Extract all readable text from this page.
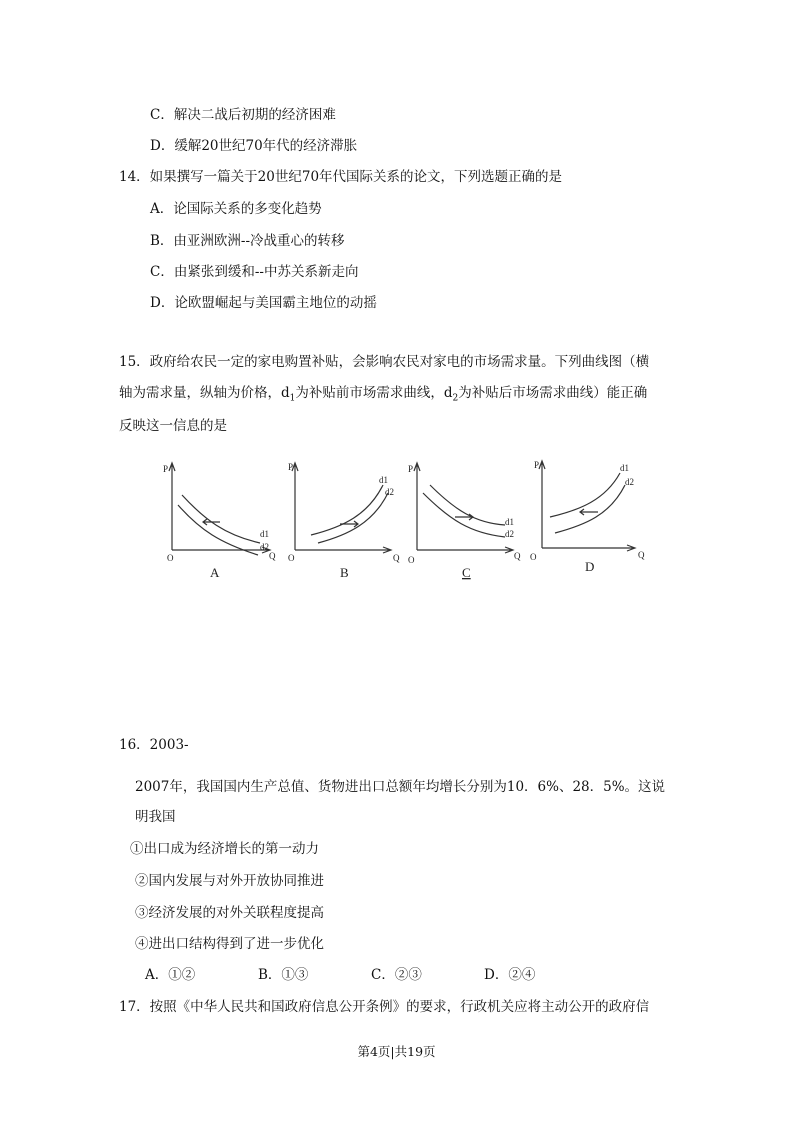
C．解决二战后初期的经济困难
D．缓解20世纪70年代的经济滞胀
14．如果撰写一篇关于20世纪70年代国际关系的论文，下列选题正确的是
A．论国际关系的多变化趋势
B．由亚洲欧洲--冷战重心的转移
C．由紧张到缓和--中苏关系新走向
D．论欧盟崛起与美国霸主地位的动摇
15．政府给农民一定的家电购置补贴，会影响农民对家电的市场需求量。下列曲线图（横
轴为需求量，纵轴为价格，$d_1$为补贴前市场需求曲线，$d_2$为补贴后市场需求曲线）能正确
反映这一信息的是
P
O	Q
d1
d2
A
P
O	Q
d1
d2
B
P
O	Q
d1
d2
C
P
O	Q
d1
d2
D
16．2003-
2007年，我国国内生产总值、货物进出口总额年均增长分别为10．6%、28．5%。这说
明我国
①出口成为经济增长的第一动力
②国内发展与对外开放协同推进
③经济发展的对外关联程度提高
④进出口结构得到了进一步优化
A．①②	B．①③	C．②③	D．②④
17．按照《中华人民共和国政府信息公开条例》的要求，行政机关应将主动公开的政府信
第4页|共19页
